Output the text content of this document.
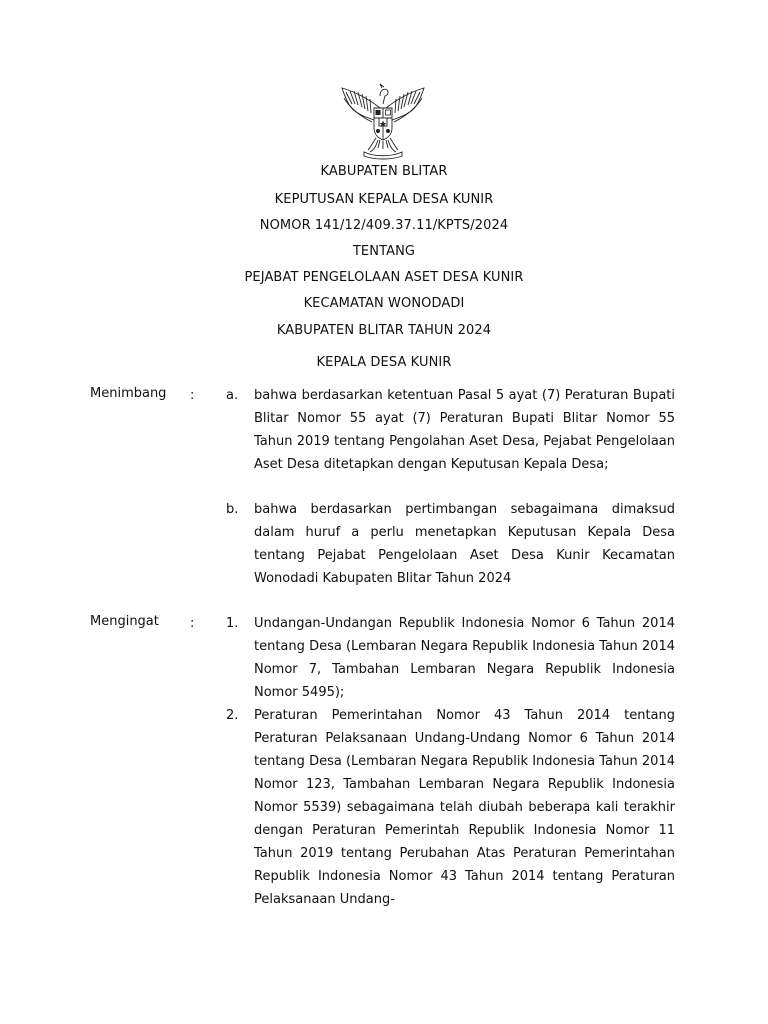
KABUPATEN BLITAR
KEPUTUSAN KEPALA DESA KUNIR
NOMOR 141/12/409.37.11/KPTS/2024
TENTANG
PEJABAT PENGELOLAAN ASET DESA KUNIR
KECAMATAN WONODADI
KABUPATEN BLITAR TAHUN 2024
KEPALA DESA KUNIR
Menimbang : a. bahwa berdasarkan ketentuan Pasal 5 ayat (7) Peraturan Bupati Blitar Nomor 55 ayat (7) Peraturan Bupati Blitar Nomor 55 Tahun 2019 tentang Pengolahan Aset Desa, Pejabat Pengelolaan Aset Desa ditetapkan dengan Keputusan Kepala Desa;
b. bahwa berdasarkan pertimbangan sebagaimana dimaksud dalam huruf a perlu menetapkan Keputusan Kepala Desa tentang Pejabat Pengelolaan Aset Desa Kunir Kecamatan Wonodadi Kabupaten Blitar Tahun 2024
Mengingat	: 1. Undangan-Undangan Republik Indonesia Nomor 6 Tahun 2014 tentang Desa (Lembaran Negara Republik Indonesia Tahun 2014 Nomor 7, Tambahan Lembaran Negara Republik Indonesia Nomor 5495);
2. Peraturan Pemerintahan Nomor 43 Tahun 2014 tentang Peraturan Pelaksanaan Undang-Undang Nomor 6 Tahun 2014 tentang Desa (Lembaran Negara Republik Indonesia Tahun 2014 Nomor 123, Tambahan Lembaran Negara Republik Indonesia Nomor 5539) sebagaimana telah diubah beberapa kali terakhir dengan Peraturan Pemerintah Republik Indonesia Nomor 11 Tahun 2019 tentang Perubahan Atas Peraturan Pemerintahan Republik Indonesia Nomor 43 Tahun 2014 tentang Peraturan Pelaksanaan Undang-
